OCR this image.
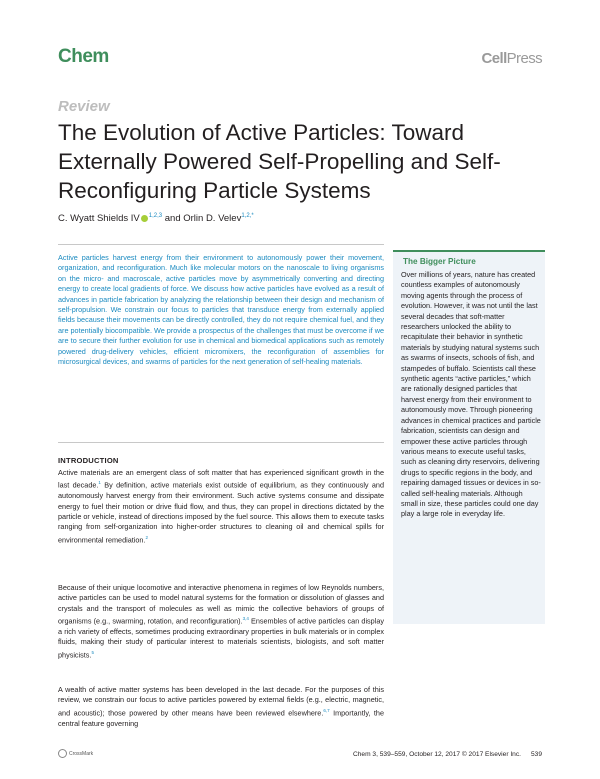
Chem	CellPress
Review
The Evolution of Active Particles: Toward Externally Powered Self-Propelling and Self-Reconfiguring Particle Systems
C. Wyatt Shields IV $^{1,2,3}$ and Orlin D. Velev$^{1,2,*}$
Active particles harvest energy from their environment to autonomously power their movement, organization, and reconfiguration. Much like molecular motors on the nanoscale to living organisms on the micro- and macroscale, active particles move by asymmetrically converting and directing energy to create local gradients of force. We discuss how active particles have evolved as a result of advances in particle fabrication by analyzing the relationship between their design and mechanism of self-propulsion. We constrain our focus to particles that transduce energy from externally applied fields because their movements can be directly controlled, they do not require chemical fuel, and they are potentially biocompatible. We provide a prospectus of the challenges that must be overcome if we are to secure their further evolution for use in chemical and biomedical applications such as remotely powered drug-delivery vehicles, efficient micromixers, the reconfiguration of assemblies for microsurgical devices, and swarms of particles for the next generation of self-healing materials.
INTRODUCTION
Active materials are an emergent class of soft matter that has experienced significant growth in the last decade.$^1$ By definition, active materials exist outside of equilibrium, as they continuously and autonomously harvest energy from their environment. Such active systems consume and dissipate energy to fuel their motion or drive fluid flow, and thus, they can propel in directions dictated by the particle or vehicle, instead of directions imposed by the fuel source. This allows them to execute tasks ranging from self-organization into higher-order structures to cleaning oil and chemical spills for environmental remediation.$^2$
Because of their unique locomotive and interactive phenomena in regimes of low Reynolds numbers, active particles can be used to model natural systems for the formation or dissolution of glasses and crystals and the transport of molecules as well as mimic the collective behaviors of groups of organisms (e.g., swarming, rotation, and reconfiguration).$^{3,4}$ Ensembles of active particles can display a rich variety of effects, sometimes producing extraordinary properties in bulk materials or in complex fluids, making their study of particular interest to materials scientists, biologists, and soft matter physicists.$^5$
A wealth of active matter systems has been developed in the last decade. For the purposes of this review, we constrain our focus to active particles powered by external fields (e.g., electric, magnetic, and acoustic); those powered by other means have been reviewed elsewhere.$^{6,7}$ Importantly, the central feature governing
The Bigger Picture
Over millions of years, nature has created countless examples of autonomously moving agents through the process of evolution. However, it was not until the last several decades that soft-matter researchers unlocked the ability to recapitulate their behavior in synthetic materials by studying natural systems such as swarms of insects, schools of fish, and stampedes of buffalo. Scientists call these synthetic agents “active particles,” which are rationally designed particles that harvest energy from their environment to autonomously move. Through pioneering advances in chemical practices and particle fabrication, scientists can design and empower these active particles through various means to execute useful tasks, such as cleaning dirty reservoirs, delivering drugs to specific regions in the body, and repairing damaged tissues or devices in so-called self-healing materials. Although small in size, these particles could one day play a large role in everyday life.
CrossMark	Chem 3, 539–559, October 12, 2017 © 2017 Elsevier Inc. 539
